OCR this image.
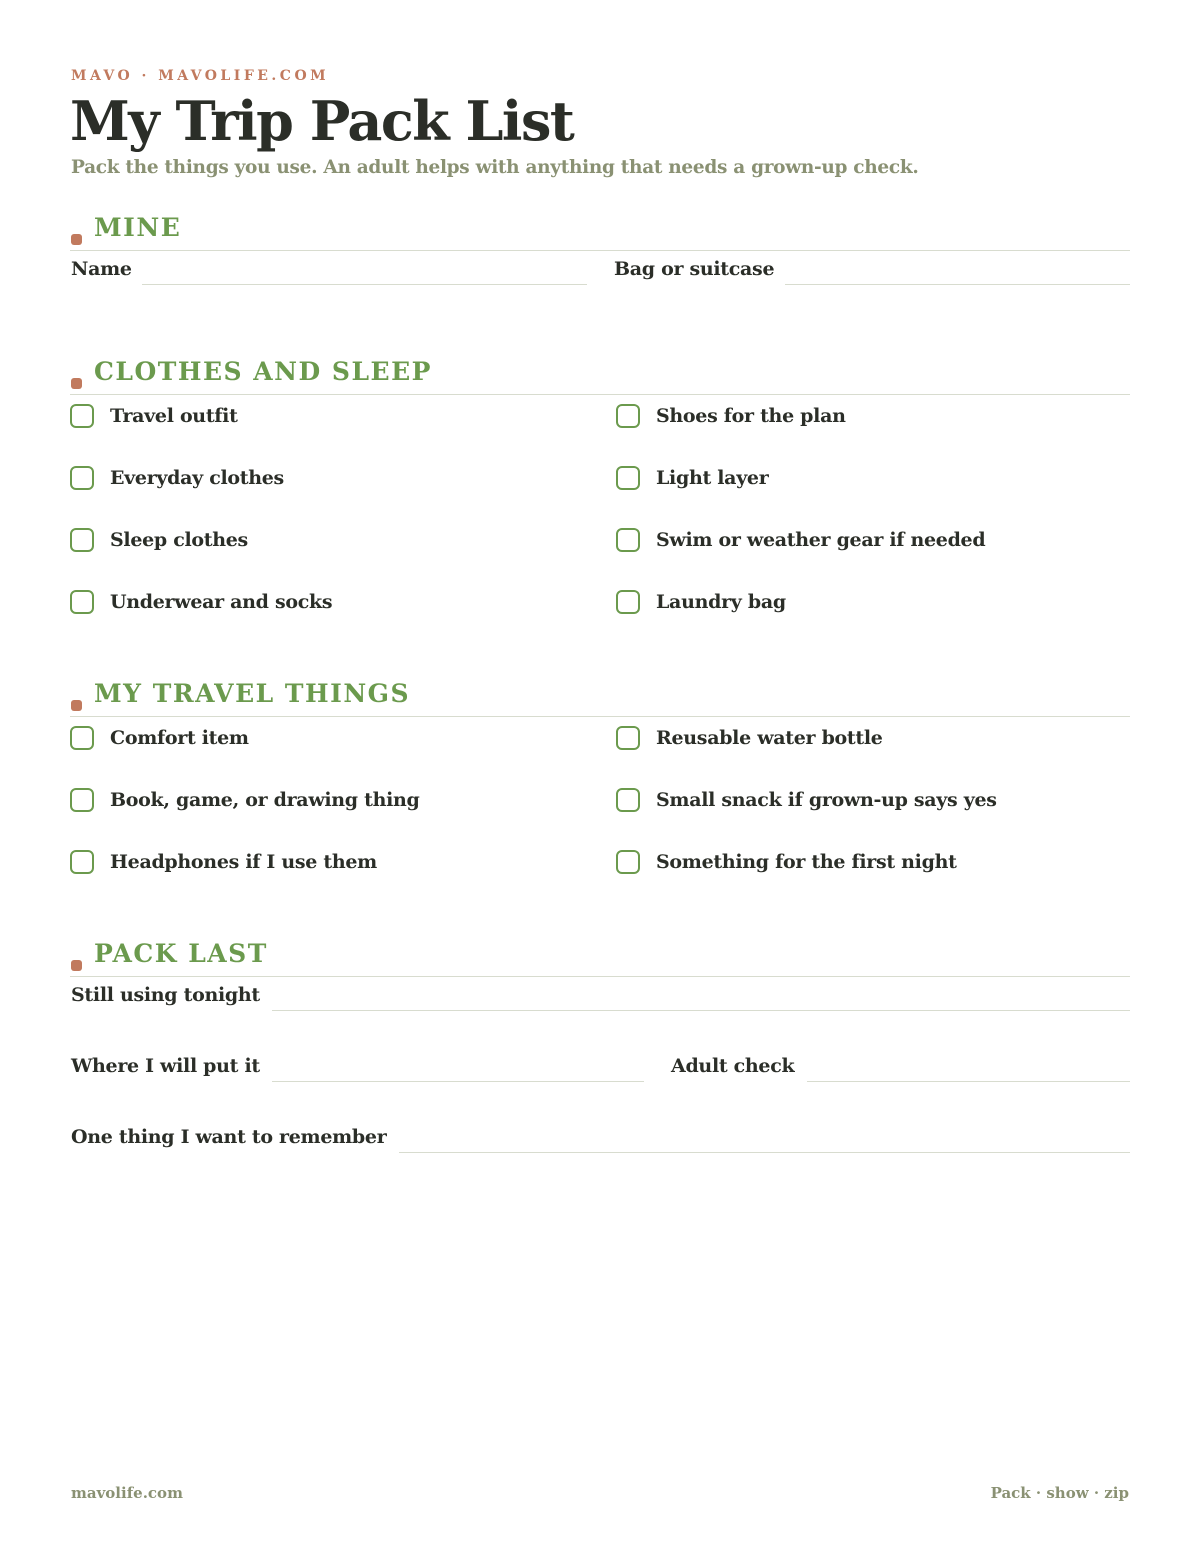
MAVO · MAVOLIFE.COM
My Trip Pack List
Pack the things you use. An adult helps with anything that needs a grown-up check.
MINE
Name	Bag or suitcase
CLOTHES AND SLEEP
Travel outfit	Shoes for the plan
Everyday clothes	Light layer
Sleep clothes	Swim or weather gear if needed
Underwear and socks	Laundry bag
MY TRAVEL THINGS
Comfort item	Reusable water bottle
Book, game, or drawing thing	Small snack if grown-up says yes
Headphones if I use them	Something for the first night
PACK LAST
Still using tonight
Where I will put it	Adult check
One thing I want to remember
mavolife.com	Pack · show · zip
